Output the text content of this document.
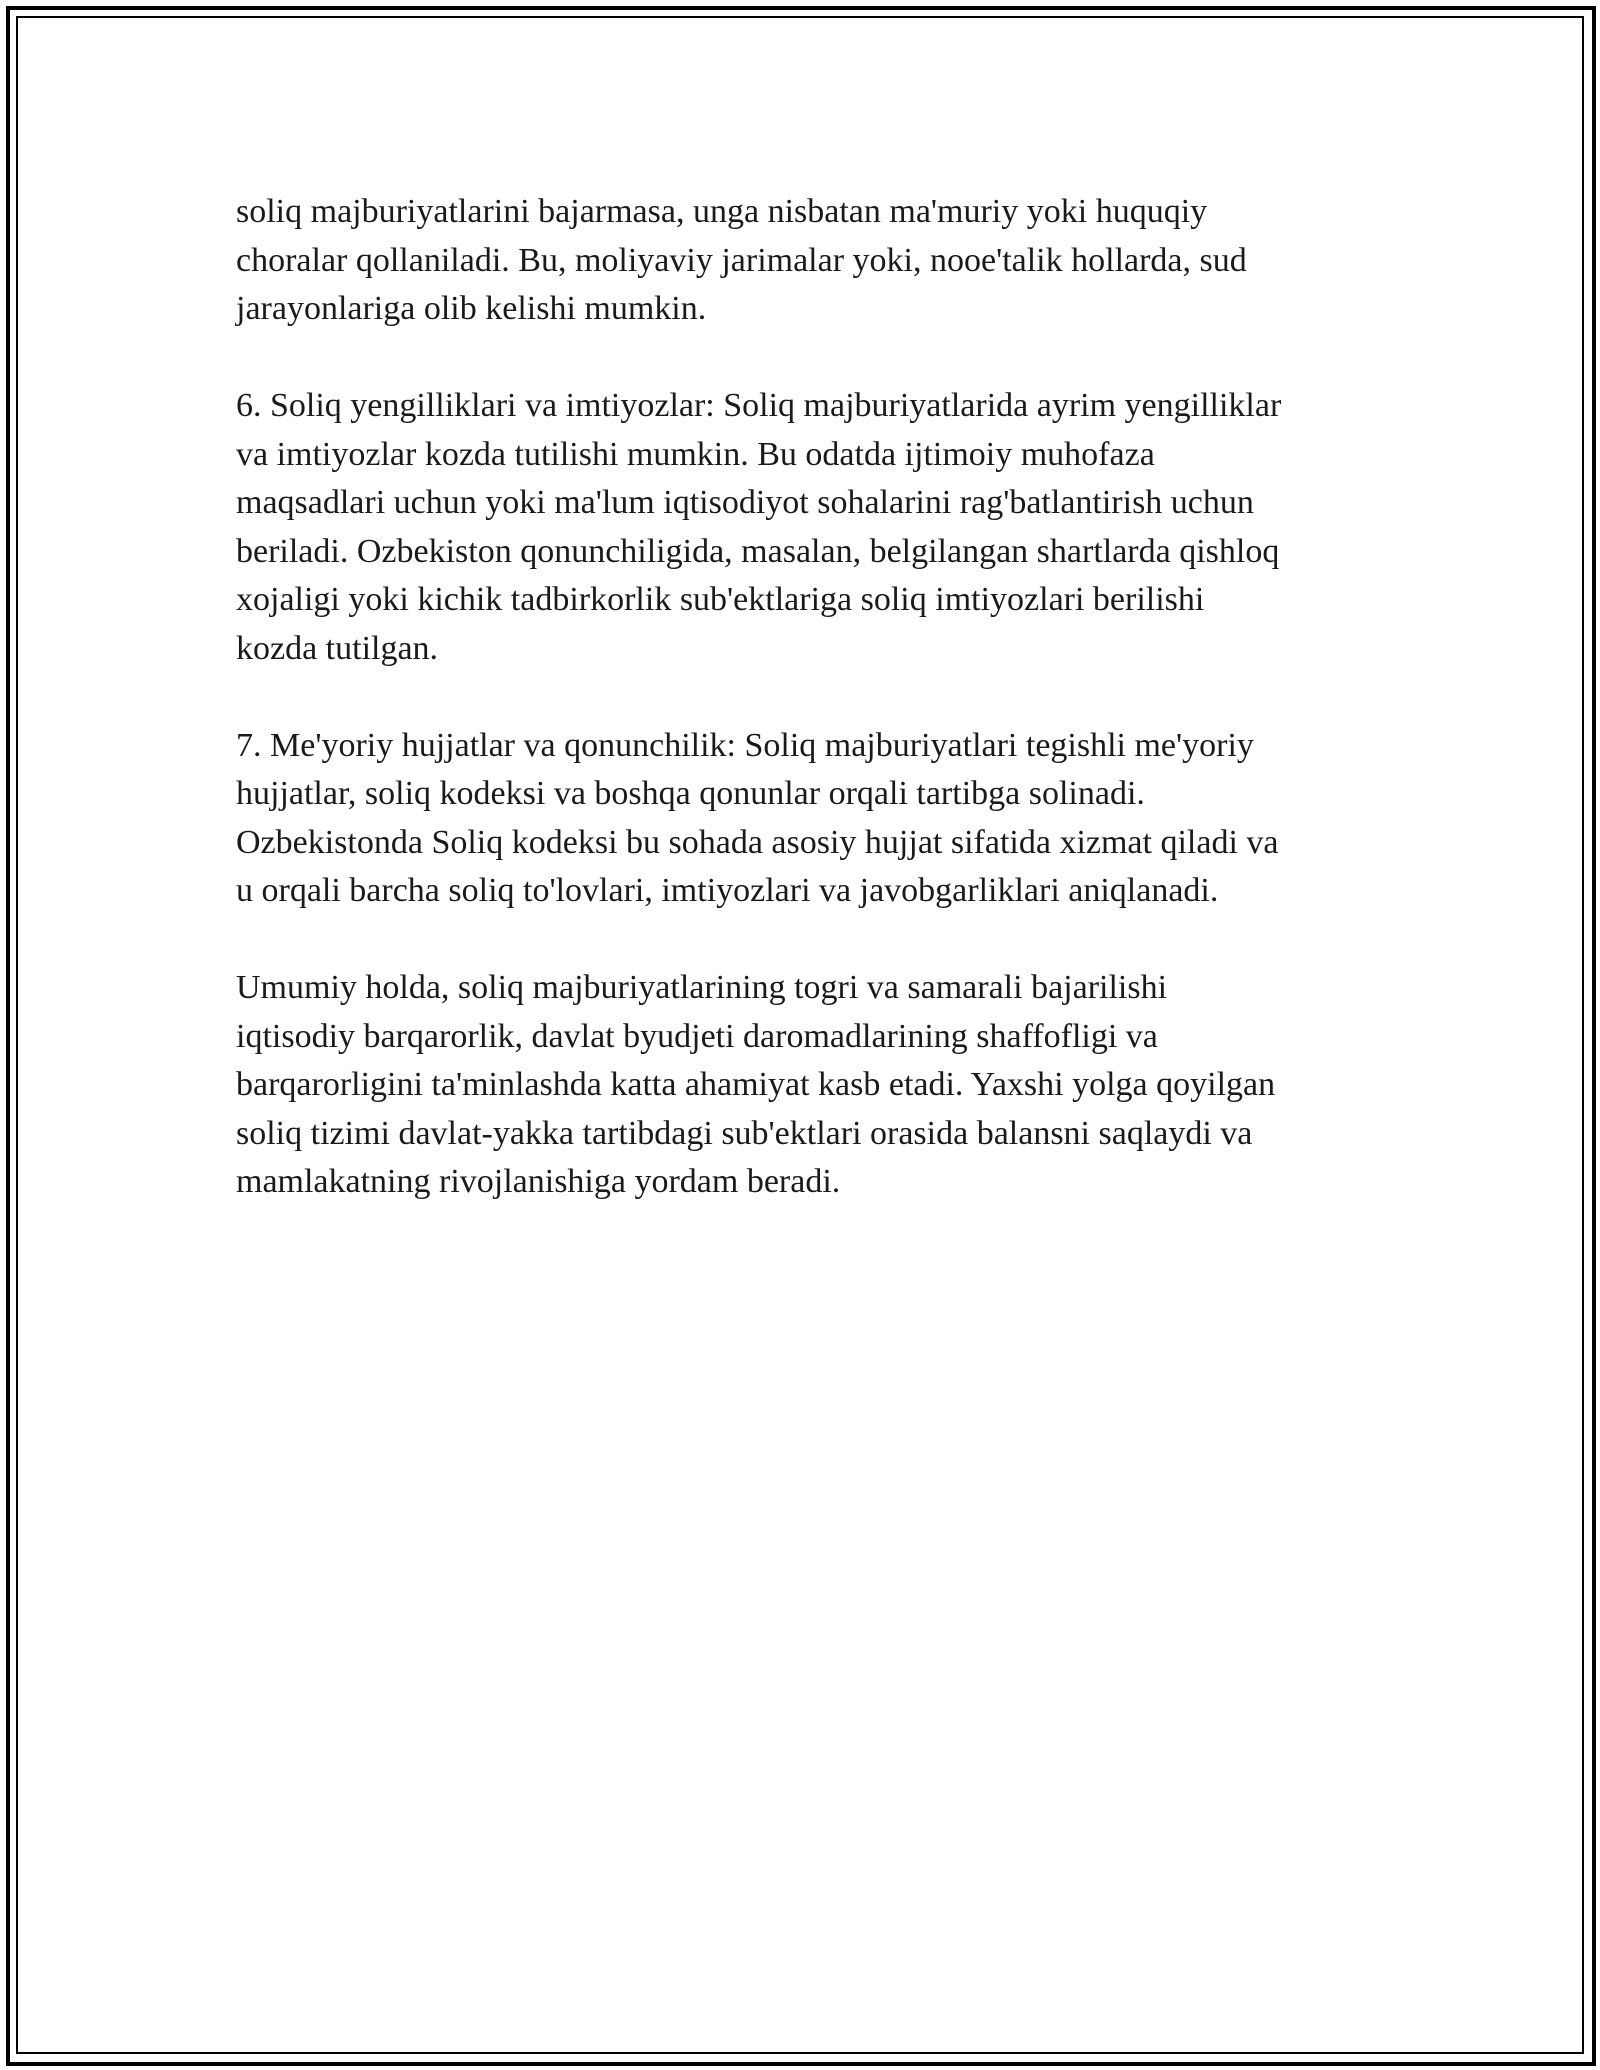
soliq majburiyatlarini bajarmasa, unga nisbatan ma'muriy yoki huquqiy
choralar qollaniladi. Bu, moliyaviy jarimalar yoki, nooe'talik hollarda, sud
jarayonlariga olib kelishi mumkin.

6. Soliq yengilliklari va imtiyozlar: Soliq majburiyatlarida ayrim yengilliklar
va imtiyozlar kozda tutilishi mumkin. Bu odatda ijtimoiy muhofaza
maqsadlari uchun yoki ma'lum iqtisodiyot sohalarini rag'batlantirish uchun
beriladi. Ozbekiston qonunchiligida, masalan, belgilangan shartlarda qishloq
xojaligi yoki kichik tadbirkorlik sub'ektlariga soliq imtiyozlari berilishi
kozda tutilgan.

7. Me'yoriy hujjatlar va qonunchilik: Soliq majburiyatlari tegishli me'yoriy
hujjatlar, soliq kodeksi va boshqa qonunlar orqali tartibga solinadi.
Ozbekistonda Soliq kodeksi bu sohada asosiy hujjat sifatida xizmat qiladi va
u orqali barcha soliq to'lovlari, imtiyozlari va javobgarliklari aniqlanadi.

Umumiy holda, soliq majburiyatlarining togri va samarali bajarilishi
iqtisodiy barqarorlik, davlat byudjeti daromadlarining shaffofligi va
barqarorligini ta'minlashda katta ahamiyat kasb etadi. Yaxshi yolga qoyilgan
soliq tizimi davlat-yakka tartibdagi sub'ektlari orasida balansni saqlaydi va
mamlakatning rivojlanishiga yordam beradi.
